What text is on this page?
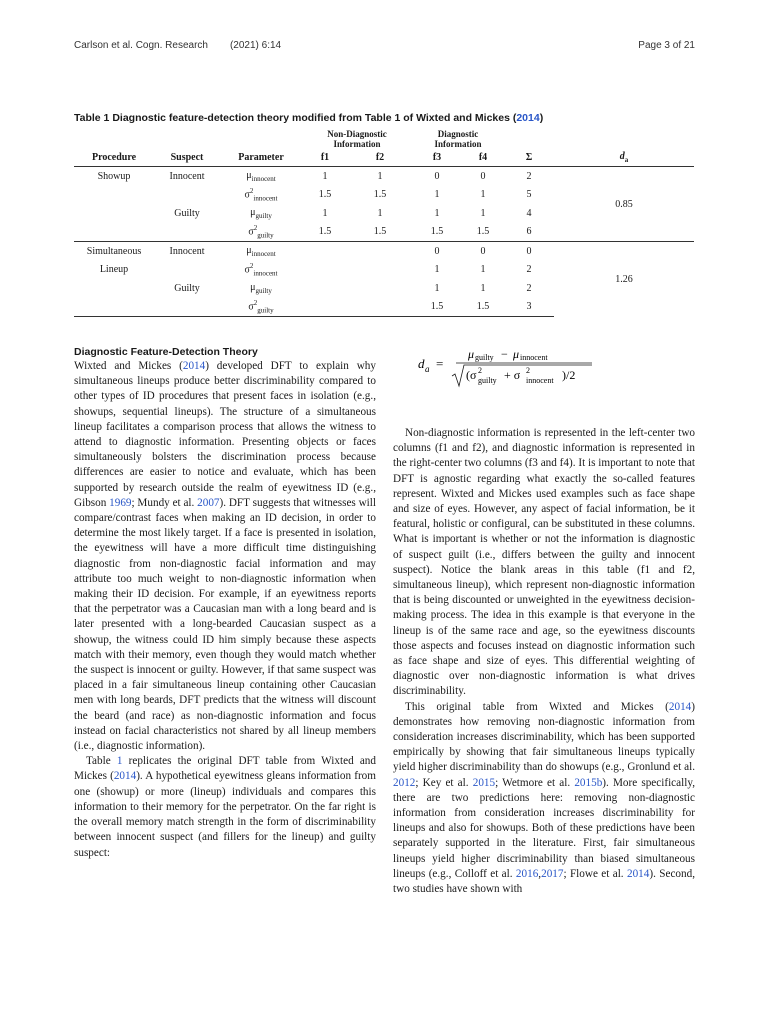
Carlson et al. Cogn. Research (2021) 6:14	Page 3 of 21
Table 1 Diagnostic feature-detection theory modified from Table 1 of Wixted and Mickes (2014)
			Non-Diagnostic
Information		Diagnostic
Information			
Procedure	Suspect	Parameter	f1	f2	f3	f4	Σ	$d_a$
Showup	Innocent	$\mu_{innocent}$	1	1	0	0	2	0.85
		$\sigma^2_{innocent}$	1.5	1.5	1	1	5	
	Guilty	$\mu_{guilty}$	1	1	1	1	4	
		$\sigma^2_{guilty}$	1.5	1.5	1.5	1.5	6	
Simultaneous	Innocent	$\mu_{innocent}$			0	0	0	1.26
Lineup		$\sigma^2_{innocent}$			1	1	2	
	Guilty	$\mu_{guilty}$			1	1	2	
		$\sigma^2_{guilty}$			1.5	1.5	3	
Diagnostic Feature-Detection Theory

Wixted and Mickes (2014) developed DFT to explain why simultaneous lineups produce better discriminability compared to other types of ID procedures that present faces in isolation (e.g., showups, sequential lineups). The structure of a simultaneous lineup facilitates a comparison process that allows the witness to attend to diagnostic information. Presenting objects or faces simultaneously bolsters the discrimination process because differences are easier to notice and evaluate, which has been supported by research outside the realm of eyewitness ID (e.g., Gibson 1969; Mundy et al. 2007). DFT suggests that witnesses will compare/contrast faces when making an ID decision, in order to determine the most likely target. If a face is presented in isolation, the eyewitness will have a more difficult time distinguishing diagnostic from non-diagnostic facial information and may attribute too much weight to non-diagnostic information when making their ID decision. For example, if an eyewitness reports that the perpetrator was a Caucasian man with a long beard and is later presented with a long-bearded Caucasian suspect as a showup, the witness could ID him simply because these aspects match with their memory, even though they would match whether the suspect is innocent or guilty. However, if that same suspect was placed in a fair simultaneous lineup containing other Caucasian men with long beards, DFT predicts that the witness will discount the beard (and race) as non-diagnostic information and focus instead on facial characteristics not shared by all lineup members (i.e., diagnostic information).

Table 1 replicates the original DFT table from Wixted and Mickes (2014). A hypothetical eyewitness gleans information from one (showup) or more (lineup) individuals and compares this information to their memory for the perpetrator. On the far right is the overall memory match strength in the form of discriminability between innocent suspect (and fillers for the lineup) and guilty suspect:

d a =
μ guilty − μ innocent
(σ 2
guilty + σ 2
innocent )/2

Non-diagnostic information is represented in the left-center two columns (f1 and f2), and diagnostic information is represented in the right-center two columns (f3 and f4). It is important to note that DFT is agnostic regarding what exactly the so-called features represent. Wixted and Mickes used examples such as face shape and size of eyes. However, any aspect of facial information, be it featural, holistic or configural, can be substituted in these columns. What is important is whether or not the information is diagnostic of suspect guilt (i.e., differs between the guilty and innocent suspect). Notice the blank areas in this table (f1 and f2, simultaneous lineup), which represent non-diagnostic information that is being discounted or unweighted in the eyewitness decision-making process. The idea in this example is that everyone in the lineup is of the same race and age, so the eyewitness discounts those aspects and focuses instead on diagnostic information such as face shape and size of eyes. This differential weighting of diagnostic over non-diagnostic information is what drives discriminability.

This original table from Wixted and Mickes (2014) demonstrates how removing non-diagnostic information from consideration increases discriminability, which has been supported empirically by showing that fair simultaneous lineups typically yield higher discriminability than do showups (e.g., Gronlund et al. 2012; Key et al. 2015; Wetmore et al. 2015b). More specifically, there are two predictions here: removing non-diagnostic information from consideration increases discriminability for lineups and also for showups. Both of these predictions have been separately supported in the literature. First, fair simultaneous lineups yield higher discriminability than biased simultaneous lineups (e.g., Colloff et al. 2016,2017; Flowe et al. 2014). Second, two studies have shown with
